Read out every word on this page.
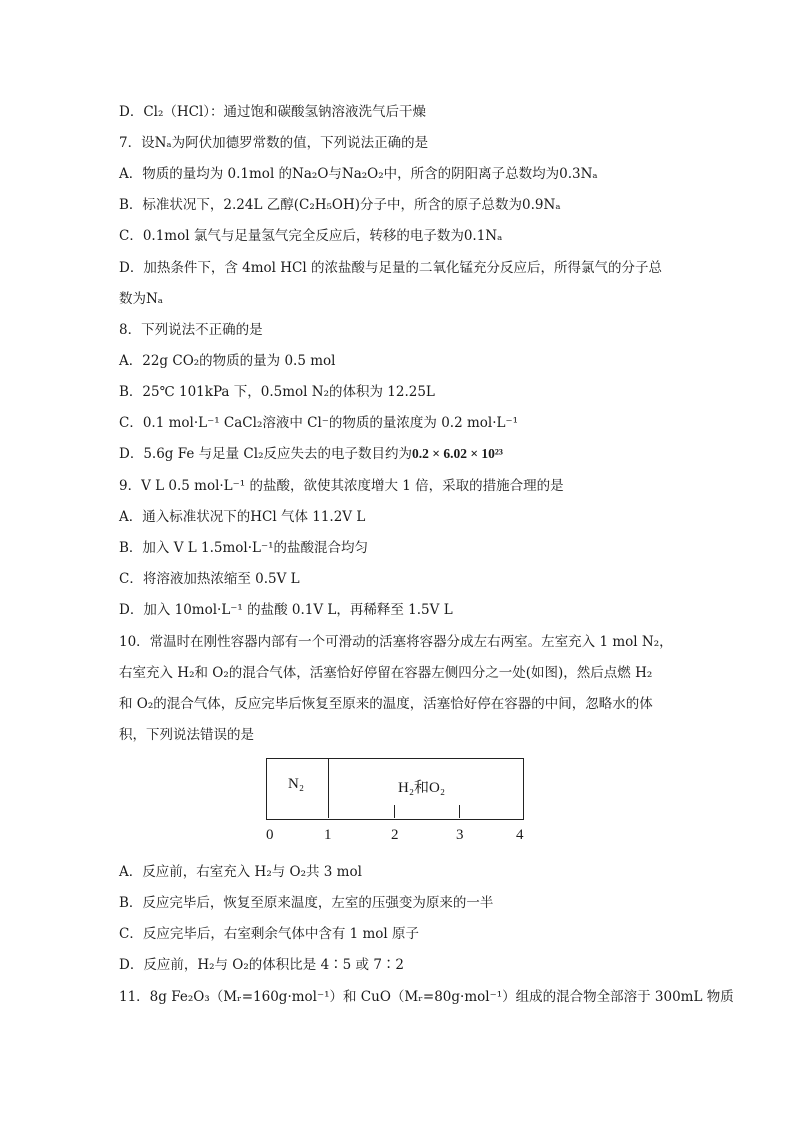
D．Cl₂（HCl）：通过饱和碳酸氢钠溶液洗气后干燥
7．设Nₐ为阿伏加德罗常数的值，下列说法正确的是
A．物质的量均为 0.1mol 的Na₂O与Na₂O₂中，所含的阴阳离子总数均为0.3Nₐ
B．标准状况下，2.24L 乙醇(C₂H₅OH)分子中，所含的原子总数为0.9Nₐ
C．0.1mol 氯气与足量氢气完全反应后，转移的电子数为0.1Nₐ
D．加热条件下，含 4mol HCl 的浓盐酸与足量的二氧化锰充分反应后，所得氯气的分子总
数为Nₐ
8．下列说法不正确的是
A．22g CO₂的物质的量为 0.5 mol
B．25℃ 101kPa 下，0.5mol N₂的体积为 12.25L
C．0.1 mol·L⁻¹ CaCl₂溶液中 Cl⁻的物质的量浓度为 0.2 mol·L⁻¹
D．5.6g Fe 与足量 Cl₂反应失去的电子数目约为0.2 × 6.02 × 10²³
9．V L 0.5 mol·L⁻¹ 的盐酸，欲使其浓度增大 1 倍，采取的措施合理的是
A．通入标准状况下的HCl 气体 11.2V L
B．加入 V L 1.5mol·L⁻¹的盐酸混合均匀
C．将溶液加热浓缩至 0.5V L
D．加入 10mol·L⁻¹ 的盐酸 0.1V L，再稀释至 1.5V L
10．常温时在刚性容器内部有一个可滑动的活塞将容器分成左右两室。左室充入 1 mol N₂，
右室充入 H₂和 O₂的混合气体，活塞恰好停留在容器左侧四分之一处(如图)，然后点燃 H₂
和 O₂的混合气体，反应完毕后恢复至原来的温度，活塞恰好停在容器的中间，忽略水的体
积，下列说法错误的是
N₂	H₂和O₂
0	1	2	3	4
A．反应前，右室充入 H₂与 O₂共 3 mol
B．反应完毕后，恢复至原来温度，左室的压强变为原来的一半
C．反应完毕后，右室剩余气体中含有 1 mol 原子
D．反应前，H₂与 O₂的体积比是 4∶5 或 7∶2
11．8g Fe₂O₃（Mᵣ=160g·mol⁻¹）和 CuO（Mᵣ=80g·mol⁻¹）组成的混合物全部溶于 300mL 物质
